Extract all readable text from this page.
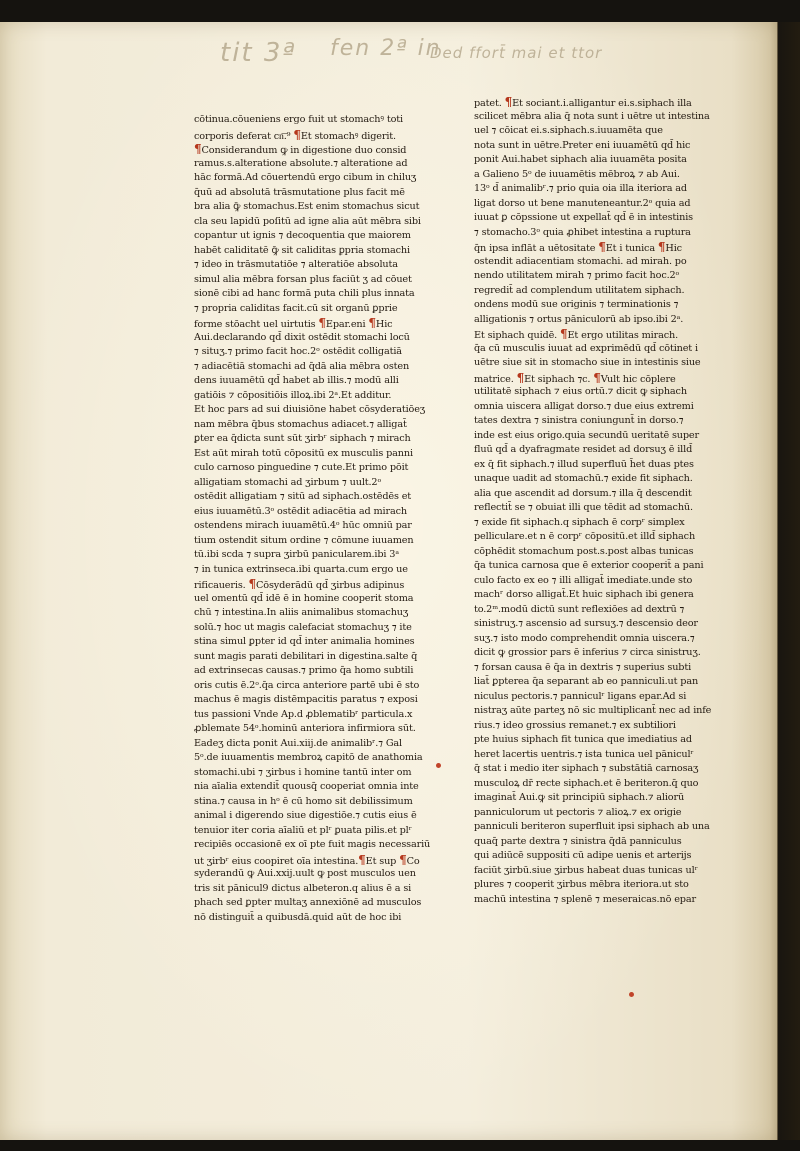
tit 3ª fen 2ª in
Ded ffort̄ mai et ttor
cōtinua.cōueniens ergo fuit ut stomachꝰ toti
corporis deferat cn͞.⁹ ¶Et stomachꝰ digerit.
¶Considerandum ꝙ in digestione duo consid
ramus.s.alteratione absolute.⁊ alteratione ad
hāc formā.Ad cōuertendū ergo cibum in chiluʒ
q̄uū ad absolutā trāsmutatione plus facit mē
bra alia ꝙ̄ stomachus.Est enim stomachus sicut
cla seu lapidū poſitū ad igne alia aūt mēbra sibi
copantur ut ignis ⁊ decoquentia que maiorem
habēt caliditatē ꝙ̄ sit caliditas ꝑpria stomachi
⁊ ideo in trāsmutatiōe ⁊ alteratiōe absoluta
simul alia mēbra forsan plus faciūt ʒ ad cōuet
sionē cibi ad hanc formā puta chili plus innata
⁊ propria caliditas facit.cū sit organū ꝑprie
forme stōacht uel uirtutis ¶Epar.eni ¶Hic
Aui.declarando qd̄ dixit ostēdit stomachi locū
⁊ situʒ.⁊ primo facit hoc.2ᵒ ostēdit colligatiā
⁊ adiacētiā stomachi ad q̄dā alia mēbra osten
dens iuuamētū qd̄ habet ab illis.⁊ modū alli
gatiōis ⁊ cōpositiōis illoꝝ.ibi 2ᵃ.Et additur.
Et hoc pars ad sui diuisiōne habet cōsyderatiōeʒ
nam mēbra q̄bus stomachus adiacet.⁊ alligat̄
ꝑter ea q̄dicta sunt sūt ʒirbʳ siphach ⁊ mirach
Est aūt mirah totū cōpositū ex musculis panni
culo carnoso pinguedine ⁊ cute.Et primo pōit
alligatiam stomachi ad ʒirbum ⁊ uult.2ᵒ
ostēdit alligatiam ⁊ sitū ad siphach.ostēdēs et
eius iuuamētū.3ᵒ ostēdit adiacētia ad mirach
ostendens mirach iuuamētū.4ᵒ hūc omniū par
tium ostendit situm ordine ⁊ cōmune iuuamen
tū.ibi scda ⁊ supra ʒirbū panicularem.ibi 3ᵃ
⁊ in tunica extrinseca.ibi quarta.cum ergo ue
rificaueris. ¶Cōsyderādū qd̄ ʒirbus adipinus
uel omentū qd̄ idē ē in homine cooperit stoma
chū ⁊ intestina.In aliis animalibus stomachuʒ
solū.⁊ hoc ut magis calefaciat stomachuʒ ⁊ ite
stina simul ꝑpter id qd̄ inter animalia homines
sunt magis parati debilitari in digestina.salte q̄
ad extrinsecas causas.⁊ primo q̄a homo subtili
oris cutis ē.2ᵒ.q̄a circa anteriore partē ubi ē sto
machus ē magis distēmpacitis paratus ⁊ exposi
tus passioni Vnde Ap.d ꝓblematibʳ particula.x
ꝓblemate 54ᵒ.hominū anteriora infirmiora sūt.
Eadeʒ dicta ponit Aui.xiij.de animalibʳ.⁊ Gal
5ᵒ.de iuuamentis membroꝝ capitō de anathomia
stomachi.ubi ⁊ ʒirbus i homine tantū inter om
nia aīalia extendit̄ quousq̄ cooperiat omnia inte
stina.⁊ causa in hᵒ ē cū homo sit debilissimum
animal i digerendo siue digestiōe.⁊ cutis eius ē
tenuior iter coria aīaliū et plʳ ꝑuata pilis.et plʳ
recipiēs occasionē ex oī pte fuit magis necessariū
ut ʒirbʳ eius coopiret oīa intestina.¶Et sup ¶Co
syderandū ꝙ Aui.xxij.uult ꝙ post musculos uen
tris sit pānicul9 dictus albeteron.q alius ē a si
phach sed ꝑpter multaʒ annexiōnē ad musculos
nō distinguit̄ a quibusdā.quid aūt de hoc ibi
patet. ¶Et sociant.i.alligantur ei.s.siphach illa
scilicet mēbra alia q̄ nota sunt i uētre ut intestina
uel ⁊ cōicat ei.s.siphach.s.iuuamēta que
nota sunt in uētre.Preter eni iuuamētū qd̄ hic
ponit Aui.habet siphach alia iuuamēta posita
a Galieno 5ᵒ de iuuamētis mēbroꝝ ⁊ ab Aui.
13ᵒ d̄ animalibʳ.⁊ prio quia oia illa iteriora ad
ligat dorso ut bene manuteneantur.2ᵒ quia ad
iuuat ꝑ cōpssione ut expellat̄ qd̄ ē in intestinis
⁊ stomacho.3ᵒ quia ꝓhibet intestina a ruptura
q̄n ipsa inflāt a uētositate ¶Et i tunica ¶Hic
ostendit adiacentiam stomachi. ad mirah. po
nendo utilitatem mirah ⁊ primo facit hoc.2ᵒ
regredit̄ ad complendum utilitatem siphach.
ondens modū sue originis ⁊ terminationis ⁊
alligationis ⁊ ortus pāniculorū ab ipso.ibi 2ᵃ.
Et siphach quidē. ¶Et ergo utilitas mirach.
q̄a cū musculis iuuat ad exprimēdū qd̄ cōtinet i
uētre siue sit in stomacho siue in intestinis siue
matrice. ¶Et siphach ⁊c. ¶Vult hic cōplere
utilitatē siphach ⁊ eius ortū.⁊ dicit ꝙ siphach
omnia uiscera alligat dorso.⁊ due eius extremi
tates dextra ⁊ sinistra coniungunt̄ in dorso.⁊
inde est eius origo.quia secundū ueritatē super
fluū qd̄ a dyafragmate residet ad dorsuʒ ē illd̄
ex q̄ fit siphach.⁊ illud superfluū h̄et duas ptes
unaque uadit ad stomachū.⁊ exide fit siphach.
alia que ascendit ad dorsum.⁊ illa q̄ descendit
reflectit̄ se ⁊ obuiat illi que tēdit ad stomachū.
⁊ exide fit siphach.q siphach ē corpʳ simplex
pelliculare.et n ē corpʳ cōpositū.et illd̄ siphach
cōphēdit stomachum post.s.post albas tunicas
q̄a tunica carnosa que ē exterior cooperit̄ a pani
culo facto ex eo ⁊ illi alligat̄ imediate.unde sto
machʳ dorso alligat̄.Et huic siphach ibi genera
to.2ᵐ.modū dictū sunt reflexiōes ad dextrū ⁊
sinistruʒ.⁊ ascensio ad sursuʒ.⁊ descensio deor
suʒ.⁊ isto modo comprehendit omnia uiscera.⁊
dicit ꝙ grossior pars ē inferius ⁊ circa sinistruʒ.
⁊ forsan causa ē q̄a in dextris ⁊ superius subti
liat̄ ꝑpterea q̄a separant ab eo panniculi.ut pan
niculus pectoris.⁊ panniculʳ ligans epar.Ad si
nistraʒ aūte parteʒ nō sic multiplicant̄ nec ad infe
rius.⁊ ideo grossius remanet.⁊ ex subtiliori
pte huius siphach fit tunica que imediatius ad
heret lacertis uentris.⁊ ista tunica uel pāniculʳ
q̄ stat i medio iter siphach ⁊ substātiā carnosaʒ
musculoꝝ dr̄ recte siphach.et ē beriteron.q̄ quo
imaginat̄ Aui.ꝙ sit principiū siphach.⁊ aliorū
panniculorum ut pectoris ⁊ alioꝝ.⁊ ex origie
panniculi beriteron superfluit ipsi siphach ab una
quaq̄ parte dextra ⁊ sinistra q̄dā panniculus
qui adiūcē suppositi cū adipe uenis et arterijs
faciūt ʒirbū.siue ʒirbus habeat duas tunicas ulʳ
plures ⁊ cooperit ʒirbus mēbra iteriora.ut sto
machū intestina ⁊ splenē ⁊ meseraicas.nō epar
